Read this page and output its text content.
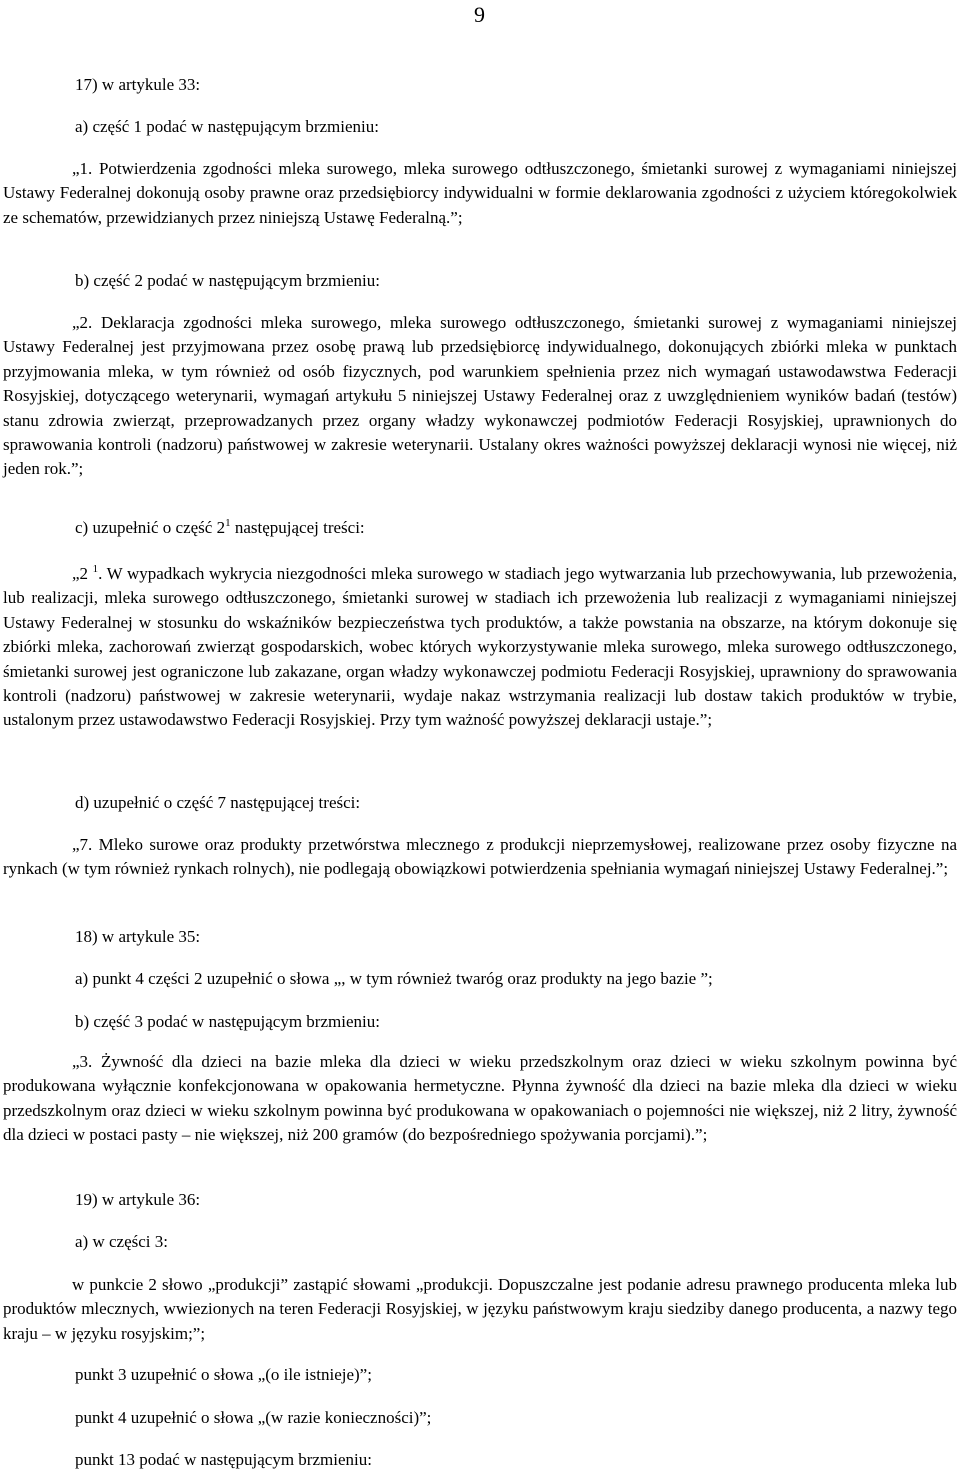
9

17) w artykule 33:

a) część 1 podać w następującym brzmieniu:

„1. Potwierdzenia zgodności mleka surowego, mleka surowego odtłuszczonego, śmietanki surowej z wymaganiami niniejszej Ustawy Federalnej dokonują osoby prawne oraz przedsiębiorcy indywidualni w formie deklarowania zgodności z użyciem któregokolwiek ze schematów, przewidzianych przez niniejszą Ustawę Federalną.”;

b) część 2 podać w następującym brzmieniu:

„2. Deklaracja zgodności mleka surowego, mleka surowego odtłuszczonego, śmietanki surowej z wymaganiami niniejszej Ustawy Federalnej jest przyjmowana przez osobę prawą lub przedsiębiorcę indywidualnego, dokonujących zbiórki mleka w punktach przyjmowania mleka, w tym również od osób fizycznych, pod warunkiem spełnienia przez nich wymagań ustawodawstwa Federacji Rosyjskiej, dotyczącego weterynarii, wymagań artykułu 5 niniejszej Ustawy Federalnej oraz z uwzględnieniem wyników badań (testów) stanu zdrowia zwierząt, przeprowadzanych przez organy władzy wykonawczej podmiotów Federacji Rosyjskiej, uprawnionych do sprawowania kontroli (nadzoru) państwowej w zakresie weterynarii. Ustalany okres ważności powyższej deklaracji wynosi nie więcej, niż jeden rok.”;

c) uzupełnić o część $2^1$ następującej treści:

„2 $^1$. W wypadkach wykrycia niezgodności mleka surowego w stadiach jego wytwarzania lub przechowywania, lub przewożenia, lub realizacji, mleka surowego odtłuszczonego, śmietanki surowej w stadiach ich przewożenia lub realizacji z wymaganiami niniejszej Ustawy Federalnej w stosunku do wskaźników bezpieczeństwa tych produktów, a także powstania na obszarze, na którym dokonuje się zbiórki mleka, zachorowań zwierząt gospodarskich, wobec których wykorzystywanie mleka surowego, mleka surowego odtłuszczonego, śmietanki surowej jest ograniczone lub zakazane, organ władzy wykonawczej podmiotu Federacji Rosyjskiej, uprawniony do sprawowania kontroli (nadzoru) państwowej w zakresie weterynarii, wydaje nakaz wstrzymania realizacji lub dostaw takich produktów w trybie, ustalonym przez ustawodawstwo Federacji Rosyjskiej. Przy tym ważność powyższej deklaracji ustaje.”;

d) uzupełnić o część 7 następującej treści:

„7. Mleko surowe oraz produkty przetwórstwa mlecznego z produkcji nieprzemysłowej, realizowane przez osoby fizyczne na rynkach (w tym również rynkach rolnych), nie podlegają obowiązkowi potwierdzenia spełniania wymagań niniejszej Ustawy Federalnej.”;

18) w artykule 35:

a) punkt 4 części 2 uzupełnić o słowa „, w tym również twaróg oraz produkty na jego bazie ”;

b) część 3 podać w następującym brzmieniu:

„3. Żywność dla dzieci na bazie mleka dla dzieci w wieku przedszkolnym oraz dzieci w wieku szkolnym powinna być produkowana wyłącznie konfekcjonowana w opakowania hermetyczne. Płynna żywność dla dzieci na bazie mleka dla dzieci w wieku przedszkolnym oraz dzieci w wieku szkolnym powinna być produkowana w opakowaniach o pojemności nie większej, niż 2 litry, żywność dla dzieci w postaci pasty – nie większej, niż 200 gramów (do bezpośredniego spożywania porcjami).”;

19) w artykule 36:

a) w części 3:

w punkcie 2 słowo „produkcji” zastąpić słowami „produkcji. Dopuszczalne jest podanie adresu prawnego producenta mleka lub produktów mlecznych, wwiezionych na teren Federacji Rosyjskiej, w języku państwowym kraju siedziby danego producenta, a nazwy tego kraju – w języku rosyjskim;”;

punkt 3 uzupełnić o słowa „(o ile istnieje)”;

punkt 4 uzupełnić o słowa „(w razie konieczności)”;

punkt 13 podać w następującym brzmieniu:
